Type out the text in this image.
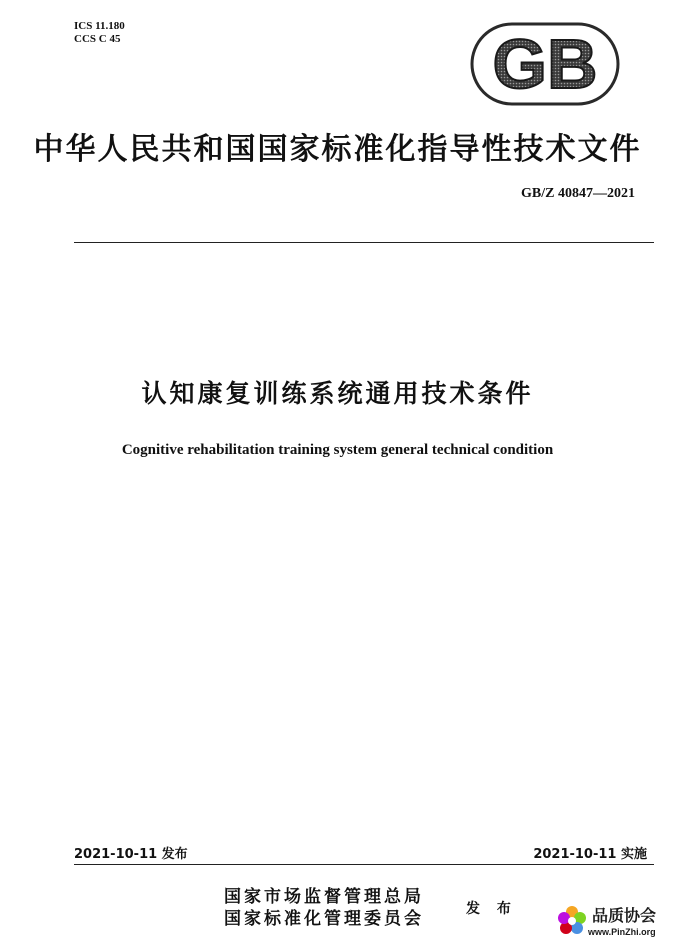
ICS 11.180
CCS C 45	GB
中华人民共和国国家标准化指导性技术文件
GB/Z 40847—2021
认知康复训练系统通用技术条件
Cognitive rehabilitation training system general technical condition
2021-10-11 发布	2021-10-11 实施
国家市场监督管理总局
国家标准化管理委员会	发 布	品质协会
www.PinZhi.org
